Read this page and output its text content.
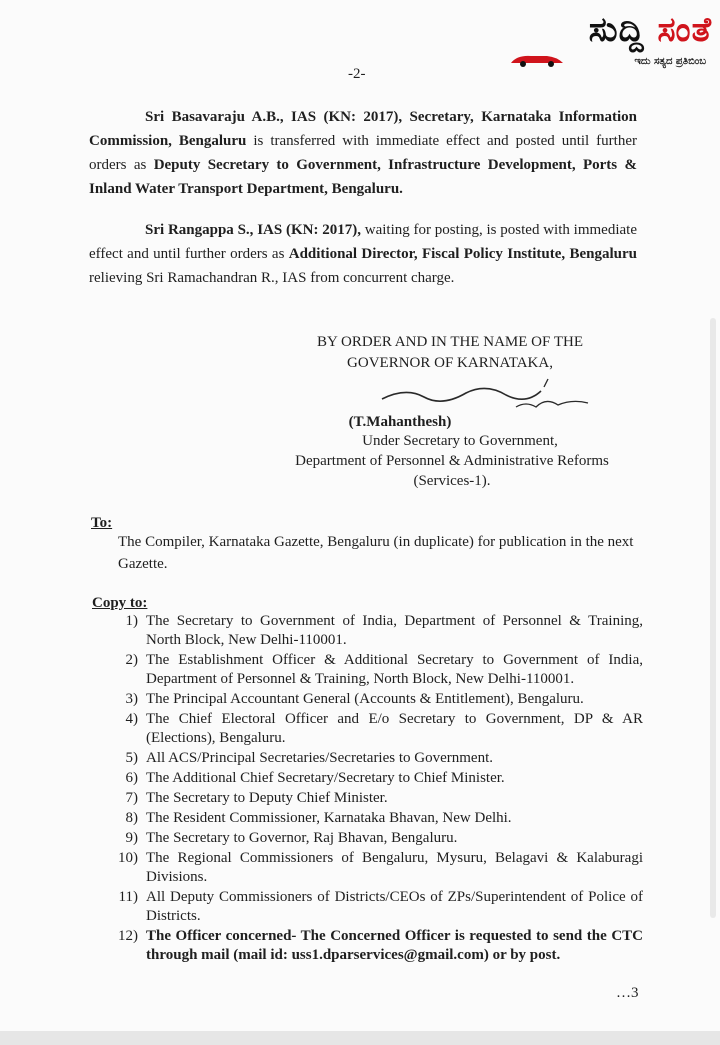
ಸುದ್ದಿ ಸಂತೆ
ಇದು ಸತ್ಯದ ಪ್ರತಿಬಿಂಬ
-2-
Sri Basavaraju A.B., IAS (KN: 2017), Secretary, Karnataka Information Commission, Bengaluru is transferred with immediate effect and posted until further orders as Deputy Secretary to Government, Infrastructure Development, Ports & Inland Water Transport Department, Bengaluru.
Sri Rangappa S., IAS (KN: 2017), waiting for posting, is posted with immediate effect and until further orders as Additional Director, Fiscal Policy Institute, Bengaluru relieving Sri Ramachandran R., IAS from concurrent charge.
BY ORDER AND IN THE NAME OF THE
GOVERNOR OF KARNATAKA,
(T.Mahanthesh)
Under Secretary to Government,
Department of Personnel & Administrative Reforms
(Services-1).
To:
The Compiler, Karnataka Gazette, Bengaluru (in duplicate) for publication in the next Gazette.
Copy to:
1) The Secretary to Government of India, Department of Personnel & Training, North Block, New Delhi-110001.
2) The Establishment Officer & Additional Secretary to Government of India, Department of Personnel & Training, North Block, New Delhi-110001.
3) The Principal Accountant General (Accounts & Entitlement), Bengaluru.
4) The Chief Electoral Officer and E/o Secretary to Government, DP & AR (Elections), Bengaluru.
5) All ACS/Principal Secretaries/Secretaries to Government.
6) The Additional Chief Secretary/Secretary to Chief Minister.
7) The Secretary to Deputy Chief Minister.
8) The Resident Commissioner, Karnataka Bhavan, New Delhi.
9) The Secretary to Governor, Raj Bhavan, Bengaluru.
10) The Regional Commissioners of Bengaluru, Mysuru, Belagavi & Kalaburagi Divisions.
11) All Deputy Commissioners of Districts/CEOs of ZPs/Superintendent of Police of Districts.
12) The Officer concerned- The Concerned Officer is requested to send the CTC through mail (mail id: uss1.dparservices@gmail.com) or by post.
…3
